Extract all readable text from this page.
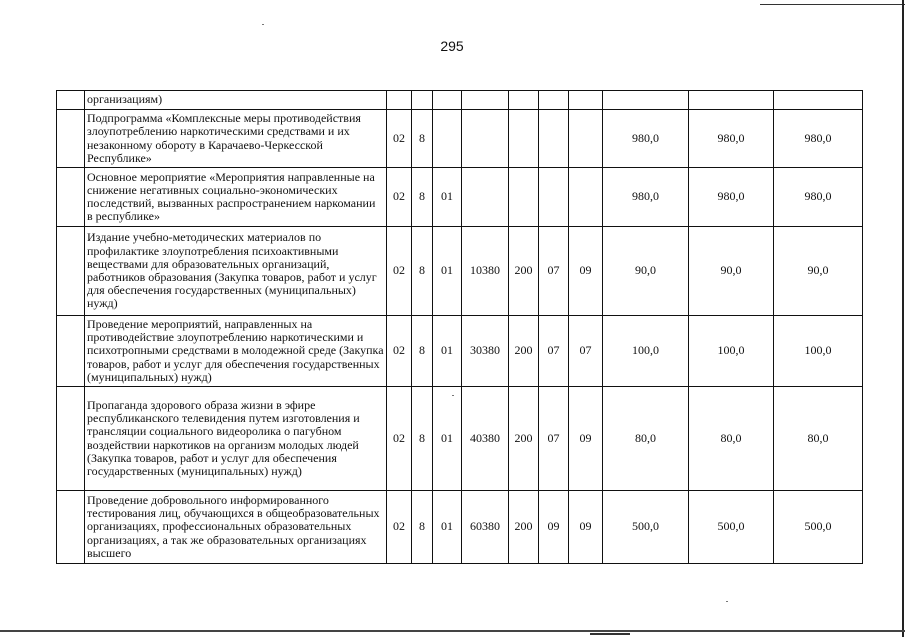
295
	организациям)										
	Подпрограмма «Комплексные меры противодействия злоупотреблению наркотическими средствами и их незаконному обороту в Карачаево-Черкесской Республике»	02	8						980,0	980,0	980,0
	Основное мероприятие «Мероприятия направленные на снижение негативных социально-экономических последствий, вызванных распространением наркомании в республике»	02	8	01					980,0	980,0	980,0
	Издание учебно-методических материалов по профилактике злоупотребления психоактивными веществами для образовательных организаций, работников образования (Закупка товаров, работ и услуг для обеспечения государственных (муниципальных) нужд)	02	8	01	10380	200	07	09	90,0	90,0	90,0
	Проведение мероприятий, направленных на противодействие злоупотреблению наркотическими и психотропными средствами в молодежной среде (Закупка товаров, работ и услуг для обеспечения государственных (муниципальных) нужд)	02	8	01	30380	200	07	07	100,0	100,0	100,0
	Пропаганда здорового образа жизни в эфире республиканского телевидения путем изготовления и трансляции социального видеоролика о пагубном воздействии наркотиков на организм молодых людей (Закупка товаров, работ и услуг для обеспечения государственных (муниципальных) нужд)	02	8	01	40380	200	07	09	80,0	80,0	80,0
	Проведение добровольного информированного тестирования лиц, обучающихся в общеобразовательных организациях, профессиональных образовательных организациях, а так же образовательных организациях высшего	02	8	01	60380	200	09	09	500,0	500,0	500,0
